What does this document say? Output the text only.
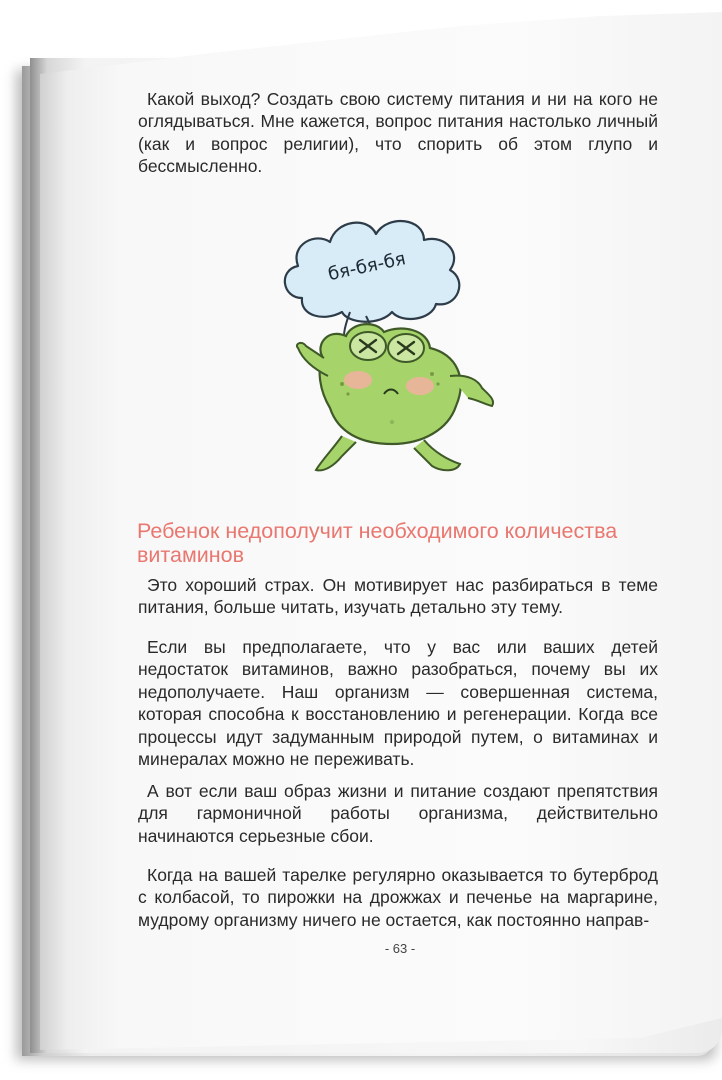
Какой выход? Создать свою систему питания и ни на кого не оглядываться. Мне кажется, вопрос питания настолько личный (как и вопрос религии), что спорить об этом глупо и бессмысленно.

бя-бя-бя
Ребенок недополучит необходимого количества витаминов

Это хороший страх. Он мотивирует нас разбираться в теме питания, больше читать, изучать детально эту тему.

Если вы предполагаете, что у вас или ваших детей недостаток витаминов, важно разобраться, почему вы их недополучаете. Наш организм — совершенная система, которая способна к восстановлению и регенерации. Когда все процессы идут задуманным природой путем, о витаминах и минералах можно не переживать.

А вот если ваш образ жизни и питание создают препятствия для гармоничной работы организма, действительно начинаются серьезные сбои.

Когда на вашей тарелке регулярно оказывается то бутерброд с колбасой, то пирожки на дрожжах и печенье на маргарине, мудрому организму ничего не остается, как постоянно направ-

- 63 -
